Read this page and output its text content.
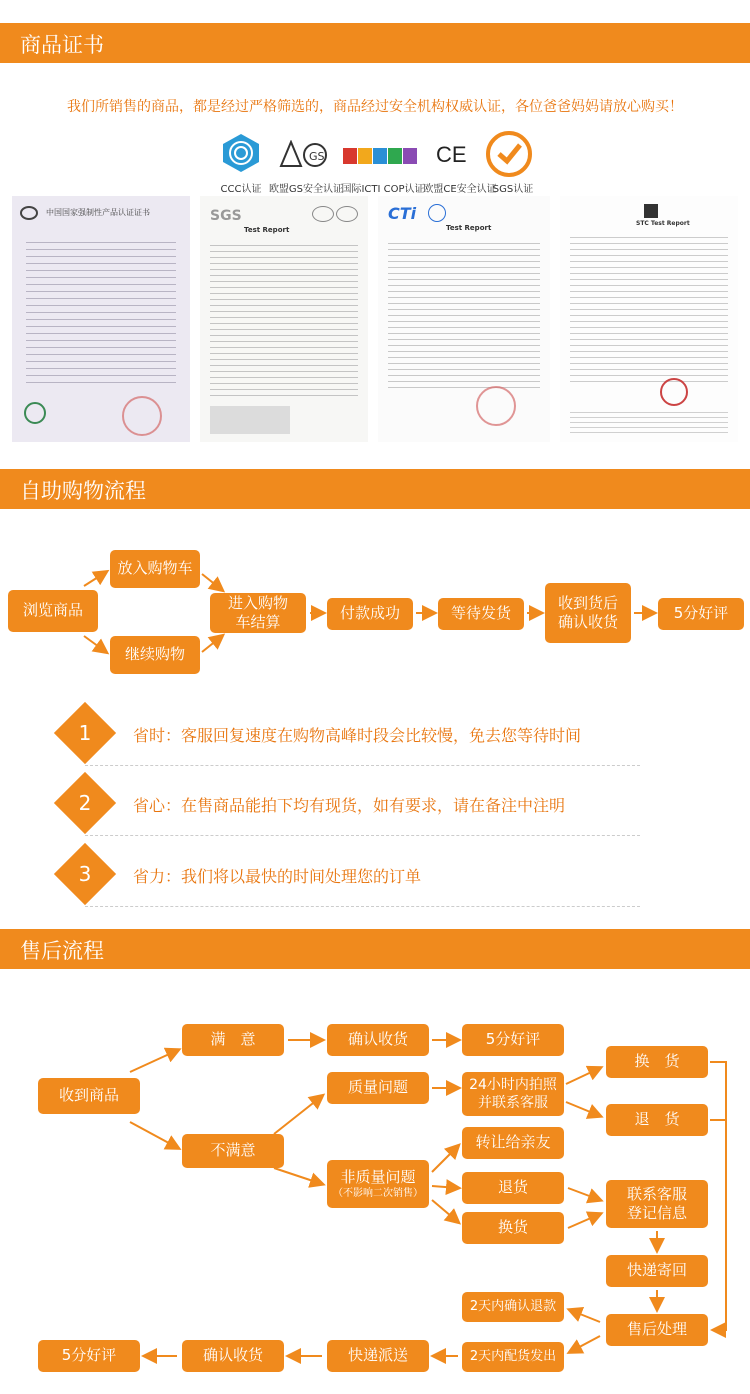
商品证书
我们所销售的商品，都是经过严格筛选的，商品经过安全机构权威认证，各位爸爸妈妈请放心购买！
CCC认证
GS
欧盟GS安全认证
国际ICTI COP认证
CE
欧盟CE安全认证
SGS认证
中国国家强制性产品认证证书	SGS
Test Report
CTi
Test Report
STC Test Report
自助购物流程
浏览商品
放入购物车
继续购物
进入购物
车结算	付款成功	等待发货
收到货后
确认收货	5分好评
1	省时：客服回复速度在购物高峰时段会比较慢，免去您等待时间
2	省心：在售商品能拍下均有现货，如有要求，请在备注中注明
3	省力：我们将以最快的时间处理您的订单
售后流程
收到商品
满　意	确认收货	5分好评
不满意
质量问题	24小时内拍照
并联系客服
换　货
退　货
非质量问题
（不影响二次销售）
转让给亲友
退货
换货
联系客服
登记信息
快递寄回
2天内确认退款
售后处理
2天内配货发出
快递派送
确认收货
5分好评
